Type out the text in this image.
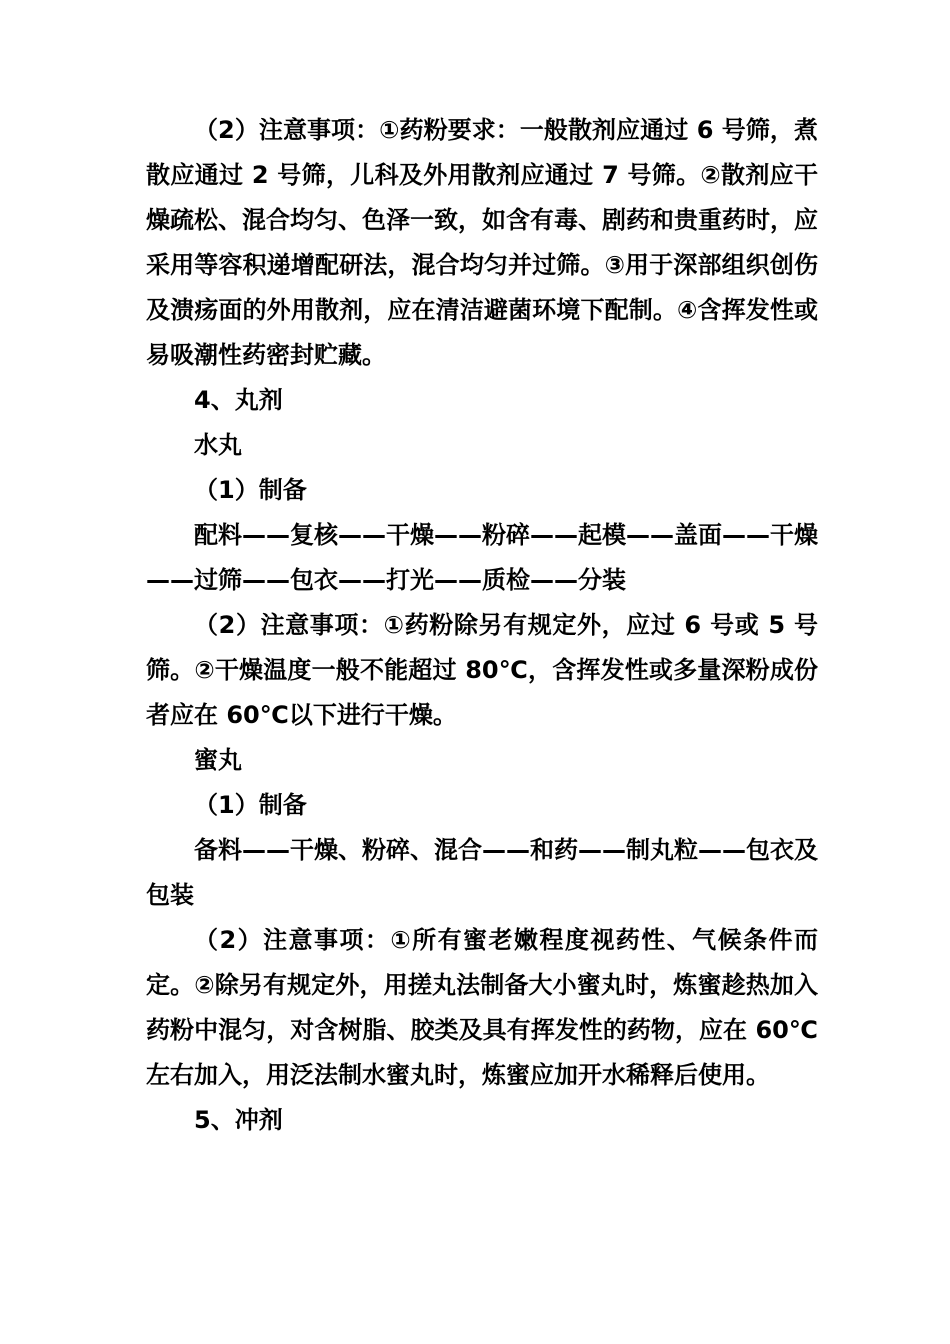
（2）注意事项：①药粉要求：一般散剂应通过 6 号筛，煮散应通过 2 号筛，儿科及外用散剂应通过 7 号筛。②散剂应干燥疏松、混合均匀、色泽一致，如含有毒、剧药和贵重药时，应采用等容积递增配研法，混合均匀并过筛。③用于深部组织创伤及溃疡面的外用散剂，应在清洁避菌环境下配制。④含挥发性或易吸潮性药密封贮藏。

4、丸剂

水丸

（1）制备

配料——复核——干燥——粉碎——起模——盖面——干燥——过筛——包衣——打光——质检——分装

（2）注意事项：①药粉除另有规定外，应过 6 号或 5 号筛。②干燥温度一般不能超过 80℃，含挥发性或多量深粉成份者应在 60℃以下进行干燥。

蜜丸

（1）制备

备料——干燥、粉碎、混合——和药——制丸粒——包衣及包装

（2）注意事项：①所有蜜老嫩程度视药性、气候条件而定。②除另有规定外，用搓丸法制备大小蜜丸时，炼蜜趁热加入药粉中混匀，对含树脂、胶类及具有挥发性的药物，应在 60℃左右加入，用泛法制水蜜丸时，炼蜜应加开水稀释后使用。

5、冲剂
